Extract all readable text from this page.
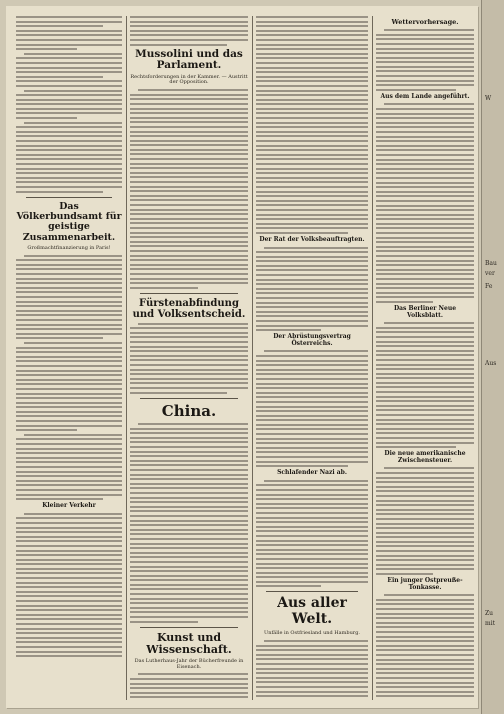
Das Völkerbundsamt für geistige Zusammenarbeit.
Großmachtfinanzierung in Paris!
Kleiner Verkehr
Mussolini und das Parlament.
Rechtsforderungen in der Kammer. — Austritt der Opposition.
Fürstenabfindung und Volksentscheid.
China.
Kunst und Wissenschaft.
Das Lutherhaus-Jahr der Bücherfreunde in Eisenach.
Der Rat der Volksbeauftragten.
Der Abrüstungsvertrag Österreichs.
Schlafender Nazi ab.
Aus aller Welt.
Unfälle in Ostfriesland und Hamburg.
Wettervorhersage.
Aus dem Lande angeführt.
Das Berliner Neue Volksblatt.
Die neue amerikanische Zwischensteuer.
Ein junger Ostpreuße-Tonkasse.
W
Bau
ver
Fe
Aus
Zu
mit
